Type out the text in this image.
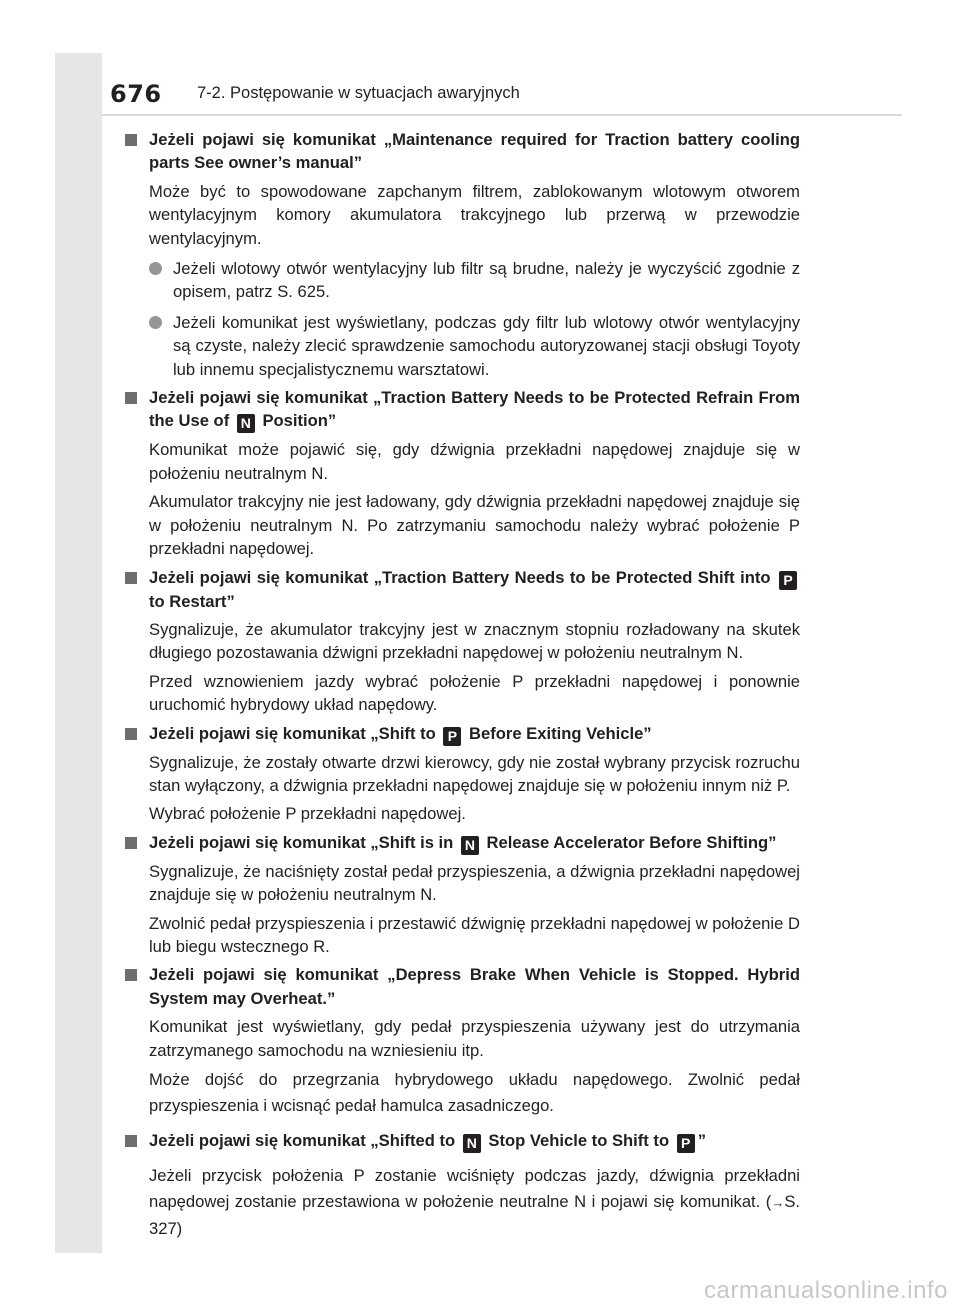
676 7-2. Postępowanie w sytuacjach awaryjnych
Jeżeli pojawi się komunikat „Maintenance required for Traction battery cooling parts See owner’s manual”
Może być to spowodowane zapchanym filtrem, zablokowanym wlotowym otworem wentylacyjnym komory akumulatora trakcyjnego lub przerwą w przewodzie wentylacyjnym.
Jeżeli wlotowy otwór wentylacyjny lub filtr są brudne, należy je wyczyścić zgodnie z opisem, patrz S. 625.
Jeżeli komunikat jest wyświetlany, podczas gdy filtr lub wlotowy otwór wentylacyjny są czyste, należy zlecić sprawdzenie samochodu autoryzowanej stacji obsługi Toyoty lub innemu specjalistycznemu warsztatowi.
Jeżeli pojawi się komunikat „Traction Battery Needs to be Protected Refrain From the Use of N Position”
Komunikat może pojawić się, gdy dźwignia przekładni napędowej znajduje się w położeniu neutralnym N.
Akumulator trakcyjny nie jest ładowany, gdy dźwignia przekładni napędowej znajduje się w położeniu neutralnym N. Po zatrzymaniu samochodu należy wybrać położenie P przekładni napędowej.
Jeżeli pojawi się komunikat „Traction Battery Needs to be Protected Shift into P to Restart”
Sygnalizuje, że akumulator trakcyjny jest w znacznym stopniu rozładowany na skutek długiego pozostawania dźwigni przekładni napędowej w położeniu neutralnym N.
Przed wznowieniem jazdy wybrać położenie P przekładni napędowej i ponownie uruchomić hybrydowy układ napędowy.
Jeżeli pojawi się komunikat „Shift to P Before Exiting Vehicle”
Sygnalizuje, że zostały otwarte drzwi kierowcy, gdy nie został wybrany przycisk rozruchu stan wyłączony, a dźwignia przekładni napędowej znajduje się w położeniu innym niż P.
Wybrać położenie P przekładni napędowej.
Jeżeli pojawi się komunikat „Shift is in N Release Accelerator Before Shifting”
Sygnalizuje, że naciśnięty został pedał przyspieszenia, a dźwignia przekładni napędowej znajduje się w położeniu neutralnym N.
Zwolnić pedał przyspieszenia i przestawić dźwignię przekładni napędowej w położenie D lub biegu wstecznego R.
Jeżeli pojawi się komunikat „Depress Brake When Vehicle is Stopped. Hybrid System may Overheat.”
Komunikat jest wyświetlany, gdy pedał przyspieszenia używany jest do utrzymania zatrzymanego samochodu na wzniesieniu itp.
Może dojść do przegrzania hybrydowego układu napędowego. Zwolnić pedał przyspieszenia i wcisnąć pedał hamulca zasadniczego.
Jeżeli pojawi się komunikat „Shifted to N Stop Vehicle to Shift to P ”
Jeżeli przycisk położenia P zostanie wciśnięty podczas jazdy, dźwignia przekładni napędowej zostanie przestawiona w położenie neutralne N i pojawi się komunikat. (→S. 327)
carmanualsonline.info
